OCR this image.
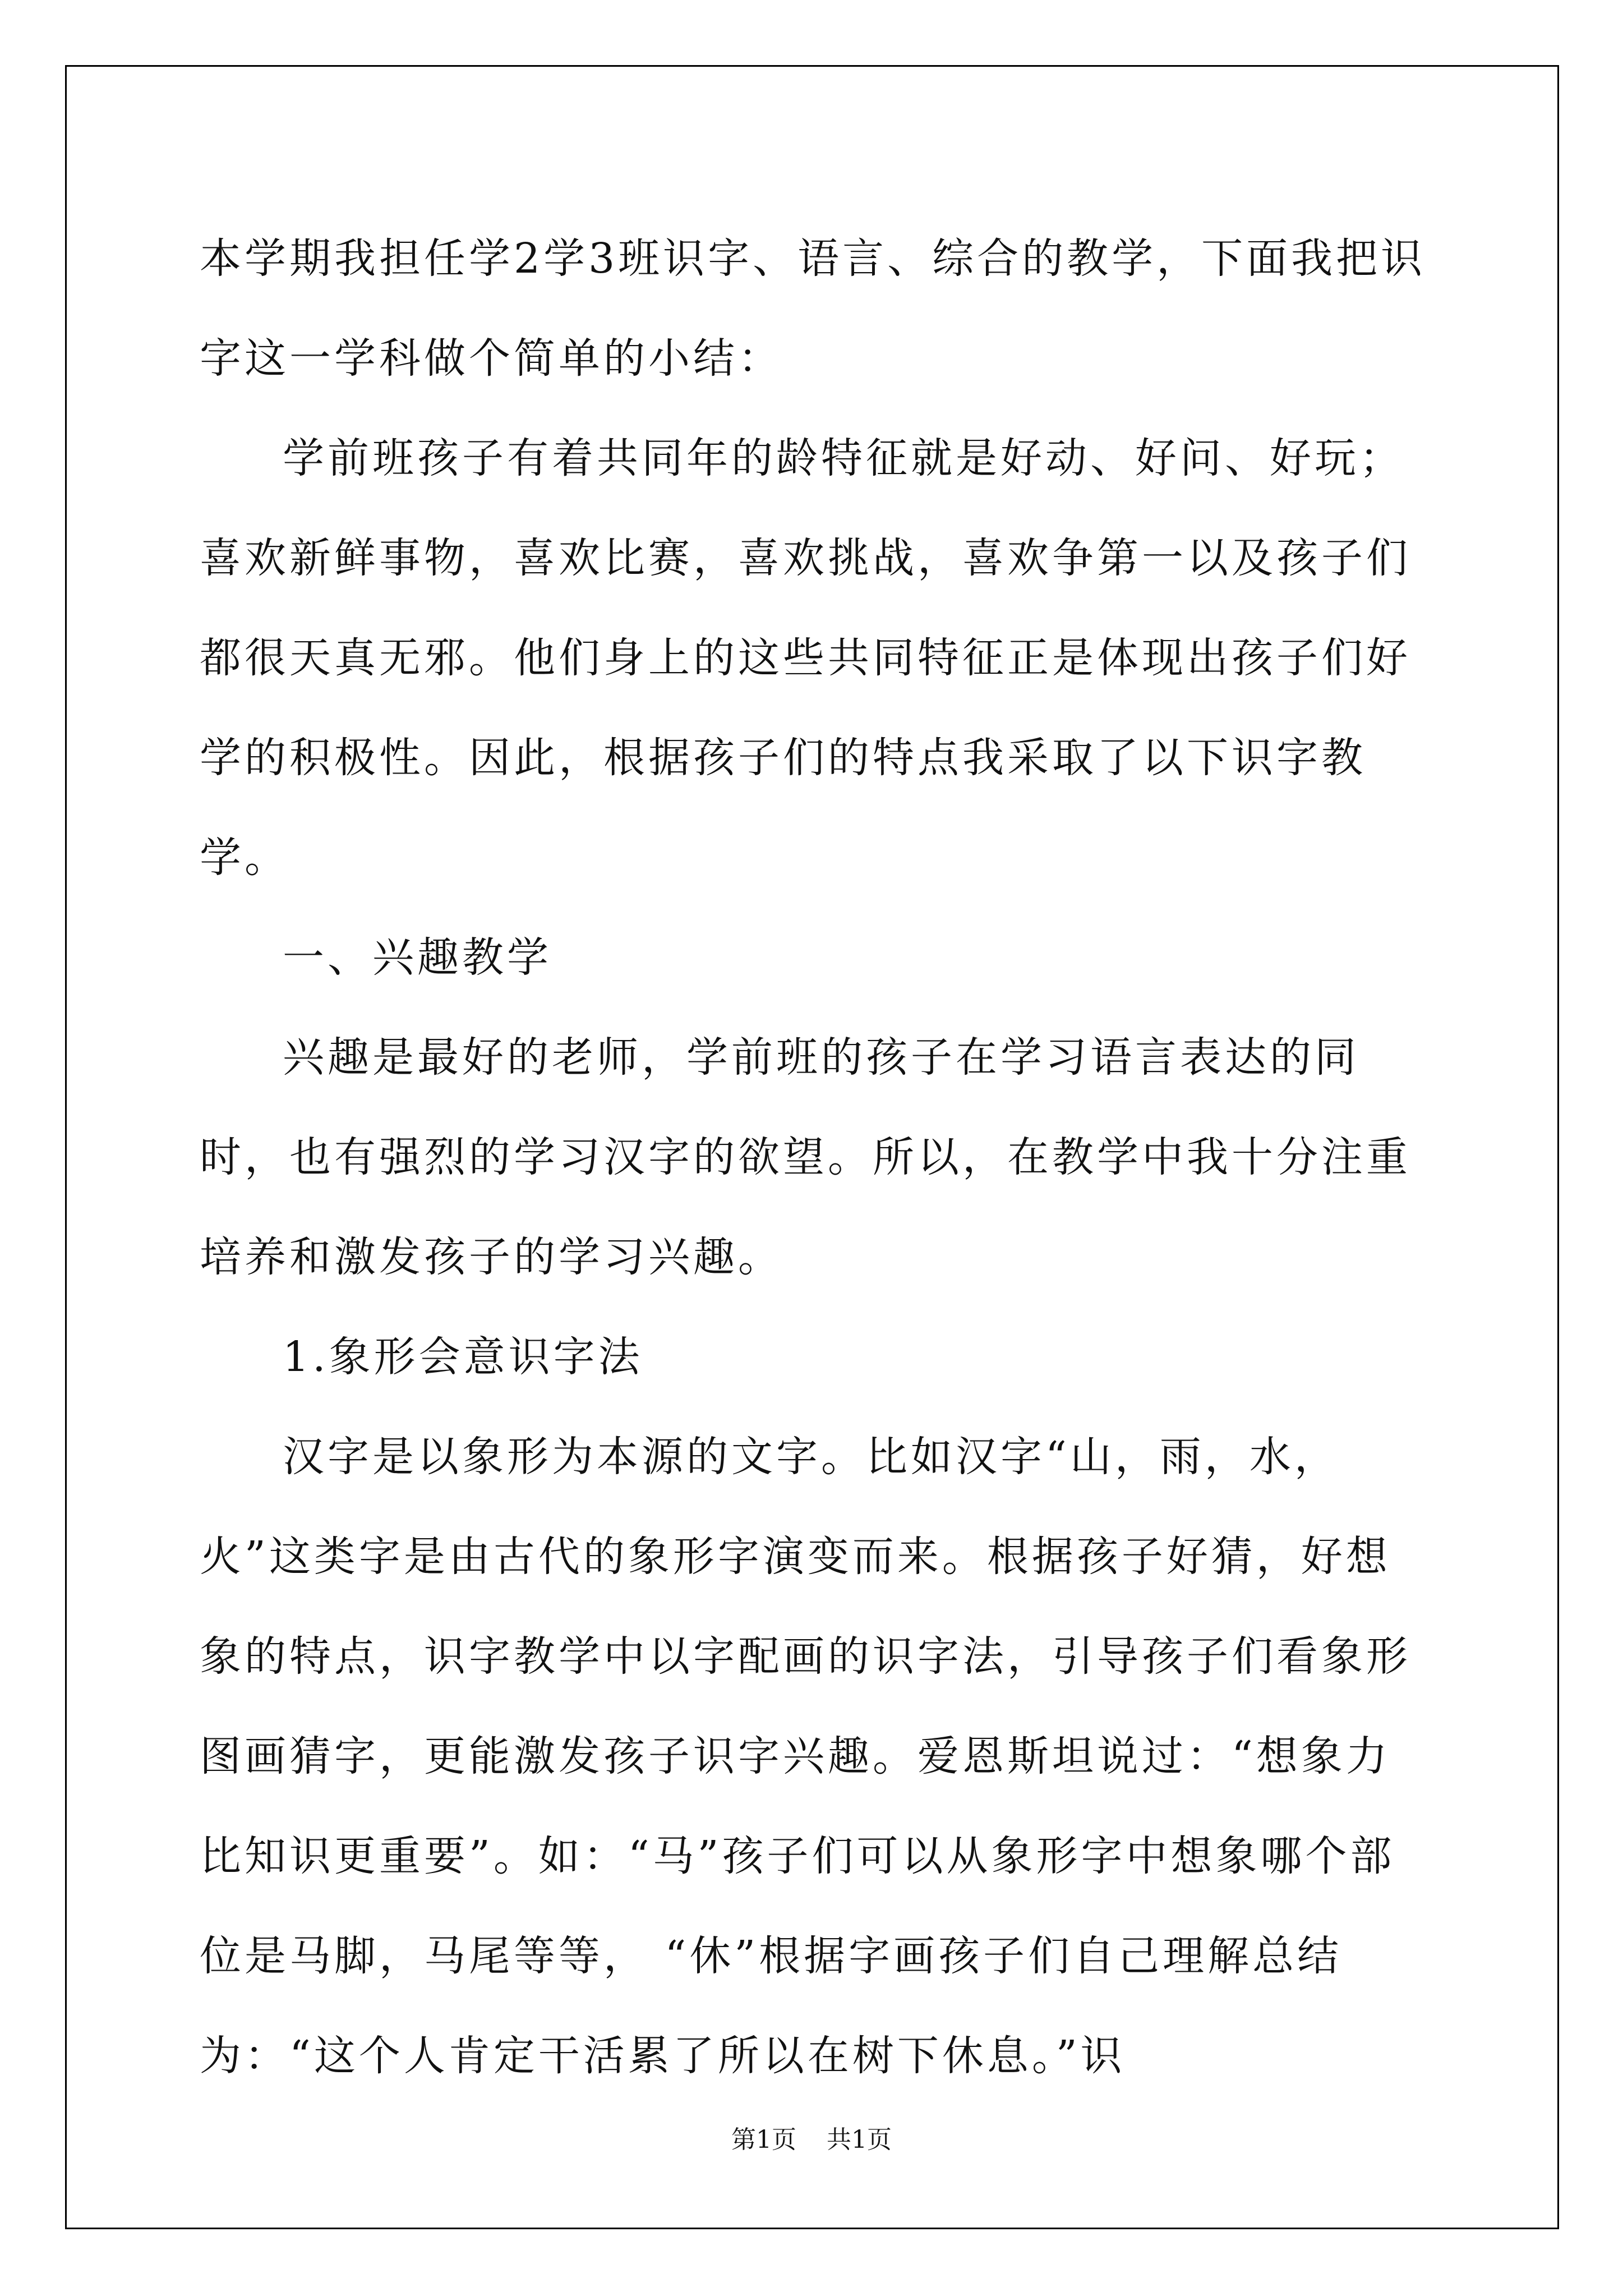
本学期我担任学2学3班识字、语言、综合的教学，下面我把识字这一学科做个简单的小结：

学前班孩子有着共同年的龄特征就是好动、好问、好玩；喜欢新鲜事物，喜欢比赛，喜欢挑战，喜欢争第一以及孩子们都很天真无邪。他们身上的这些共同特征正是体现出孩子们好学的积极性。因此，根据孩子们的特点我采取了以下识字教学。

一、兴趣教学

兴趣是最好的老师，学前班的孩子在学习语言表达的同时，也有强烈的学习汉字的欲望。所以，在教学中我十分注重培养和激发孩子的学习兴趣。

1.象形会意识字法

汉字是以象形为本源的文字。比如汉字“山，雨，水，火”这类字是由古代的象形字演变而来。根据孩子好猜，好想象的特点，识字教学中以字配画的识字法，引导孩子们看象形图画猜字，更能激发孩子识字兴趣。爱恩斯坦说过：“想象力比知识更重要”。如：“马”孩子们可以从象形字中想象哪个部位是马脚，马尾等等， “休”根据字画孩子们自己理解总结为：“这个人肯定干活累了所以在树下休息。”识

第1页 共1页
